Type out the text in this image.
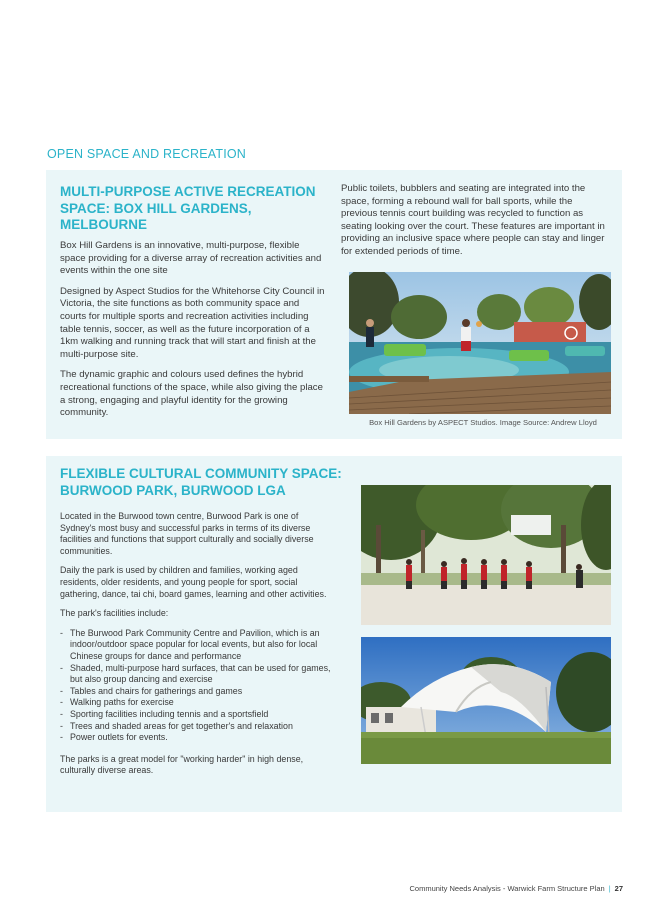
OPEN SPACE AND RECREATION
MULTI-PURPOSE ACTIVE RECREATION SPACE: BOX HILL GARDENS, MELBOURNE

Box Hill Gardens is an innovative, multi-purpose, flexible space providing for a diverse array of recreation activities and events within the one site

Designed by Aspect Studios for the Whitehorse City Council in Victoria, the site functions as both community space and courts for multiple sports and recreation activities including table tennis, soccer, as well as the future incorporation of a 1km walking and running track that will start and finish at the multi-purpose site.

The dynamic graphic and colours used defines the hybrid recreational functions of the space, while also giving the place a strong, engaging and playful identity for the growing community.

Public toilets, bubblers and seating are integrated into the space, forming a rebound wall for ball sports, while the previous tennis court building was recycled to function as seating looking over the court. These features are important in providing an inclusive space where people can stay and linger for extended periods of time.
Box Hill Gardens by ASPECT Studios. Image Source: Andrew Lloyd
FLEXIBLE CULTURAL COMMUNITY SPACE: BURWOOD PARK, BURWOOD LGA

Located in the Burwood town centre, Burwood Park is one of Sydney's most busy and successful parks in terms of its diverse facilities and functions that support culturally and socially diverse communities.

Daily the park is used by children and families, working aged residents, older residents, and young people for sport, social gathering, dance, tai chi, board games, learning and other activities.

The park's facilities include:

- The Burwood Park Community Centre and Pavilion, which is an indoor/outdoor space popular for local events, but also for local Chinese groups for dance and performance
- Shaded, multi-purpose hard surfaces, that can be used for games, but also group dancing and exercise
- Tables and chairs for gatherings and games
- Walking paths for exercise
- Sporting facilities including tennis and a sportsfield
- Trees and shaded areas for get together's and relaxation
- Power outlets for events.

The parks is a great model for "working harder" in high dense, culturally diverse areas.

Community Needs Analysis - Warwick Farm Structure Plan | 27
